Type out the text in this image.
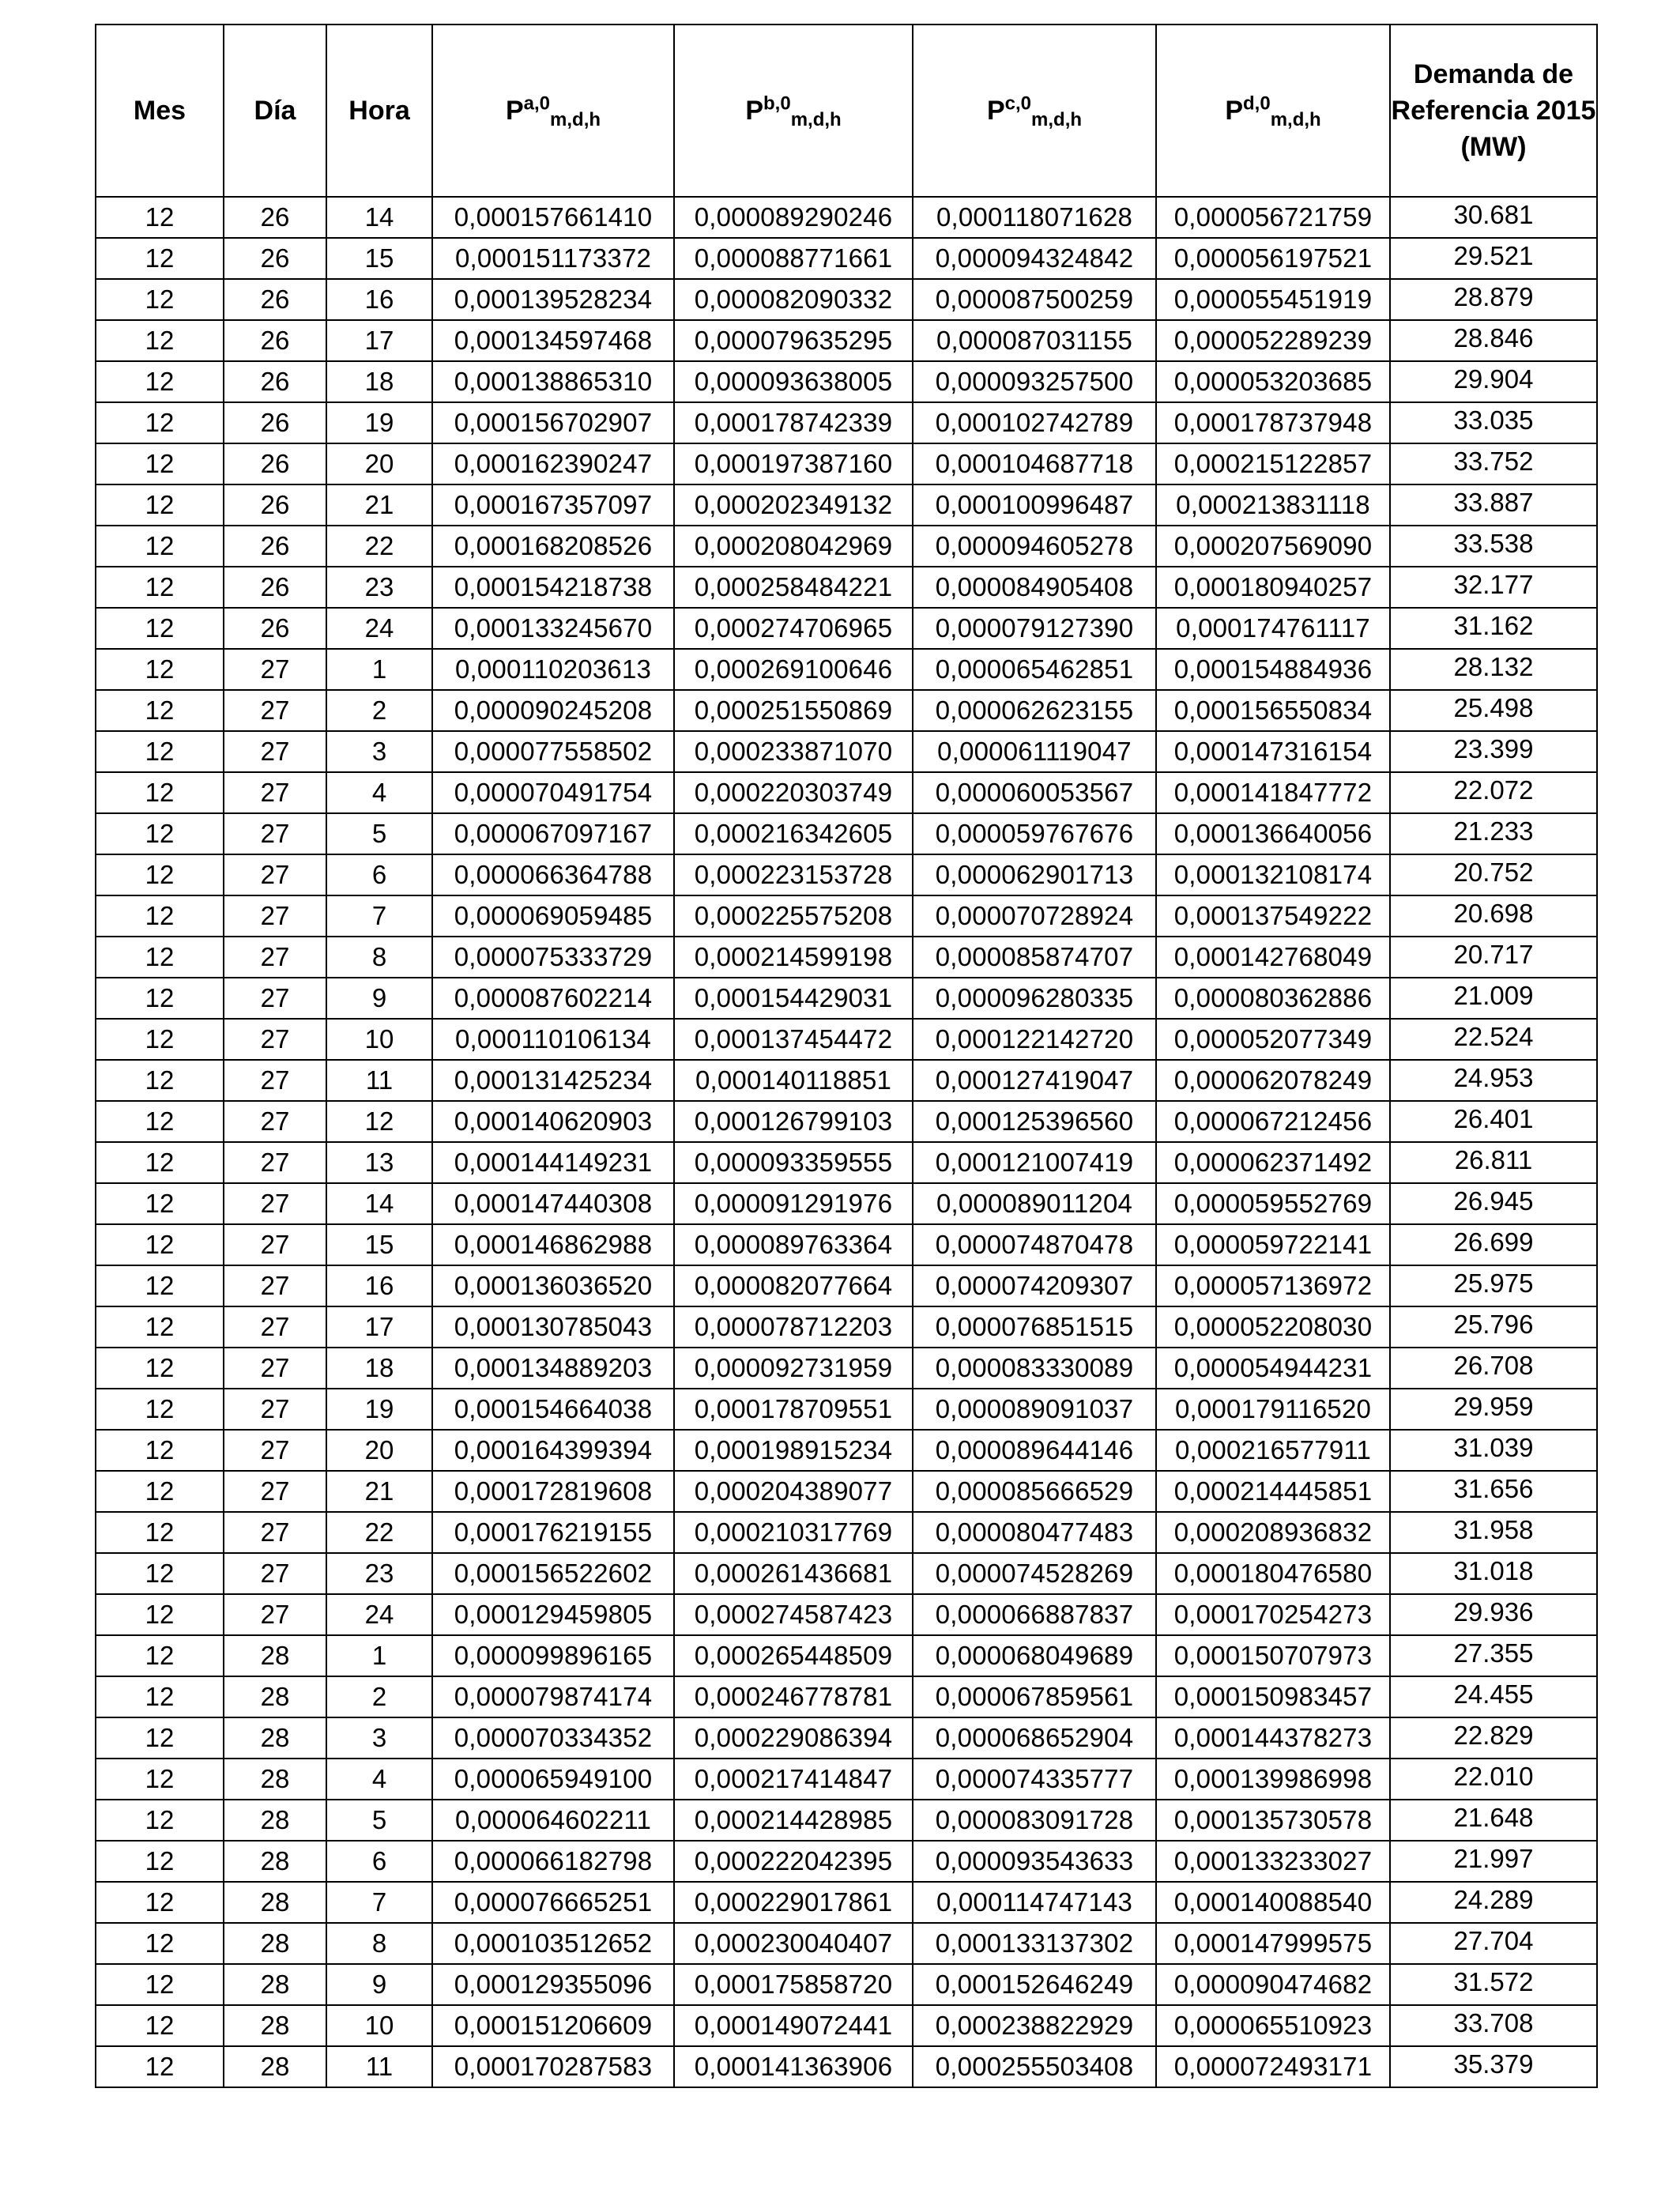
Mes	Día	Hora	P$^{a,0}_{m,d,h}$	P$^{b,0}_{m,d,h}$	P$^{c,0}_{m,d,h}$	P$^{d,0}_{m,d,h}$	Demanda de Referencia 2015 (MW)
12	26	14	0,000157661410	0,000089290246	0,000118071628	0,000056721759	30.681
12	26	15	0,000151173372	0,000088771661	0,000094324842	0,000056197521	29.521
12	26	16	0,000139528234	0,000082090332	0,000087500259	0,000055451919	28.879
12	26	17	0,000134597468	0,000079635295	0,000087031155	0,000052289239	28.846
12	26	18	0,000138865310	0,000093638005	0,000093257500	0,000053203685	29.904
12	26	19	0,000156702907	0,000178742339	0,000102742789	0,000178737948	33.035
12	26	20	0,000162390247	0,000197387160	0,000104687718	0,000215122857	33.752
12	26	21	0,000167357097	0,000202349132	0,000100996487	0,000213831118	33.887
12	26	22	0,000168208526	0,000208042969	0,000094605278	0,000207569090	33.538
12	26	23	0,000154218738	0,000258484221	0,000084905408	0,000180940257	32.177
12	26	24	0,000133245670	0,000274706965	0,000079127390	0,000174761117	31.162
12	27	1	0,000110203613	0,000269100646	0,000065462851	0,000154884936	28.132
12	27	2	0,000090245208	0,000251550869	0,000062623155	0,000156550834	25.498
12	27	3	0,000077558502	0,000233871070	0,000061119047	0,000147316154	23.399
12	27	4	0,000070491754	0,000220303749	0,000060053567	0,000141847772	22.072
12	27	5	0,000067097167	0,000216342605	0,000059767676	0,000136640056	21.233
12	27	6	0,000066364788	0,000223153728	0,000062901713	0,000132108174	20.752
12	27	7	0,000069059485	0,000225575208	0,000070728924	0,000137549222	20.698
12	27	8	0,000075333729	0,000214599198	0,000085874707	0,000142768049	20.717
12	27	9	0,000087602214	0,000154429031	0,000096280335	0,000080362886	21.009
12	27	10	0,000110106134	0,000137454472	0,000122142720	0,000052077349	22.524
12	27	11	0,000131425234	0,000140118851	0,000127419047	0,000062078249	24.953
12	27	12	0,000140620903	0,000126799103	0,000125396560	0,000067212456	26.401
12	27	13	0,000144149231	0,000093359555	0,000121007419	0,000062371492	26.811
12	27	14	0,000147440308	0,000091291976	0,000089011204	0,000059552769	26.945
12	27	15	0,000146862988	0,000089763364	0,000074870478	0,000059722141	26.699
12	27	16	0,000136036520	0,000082077664	0,000074209307	0,000057136972	25.975
12	27	17	0,000130785043	0,000078712203	0,000076851515	0,000052208030	25.796
12	27	18	0,000134889203	0,000092731959	0,000083330089	0,000054944231	26.708
12	27	19	0,000154664038	0,000178709551	0,000089091037	0,000179116520	29.959
12	27	20	0,000164399394	0,000198915234	0,000089644146	0,000216577911	31.039
12	27	21	0,000172819608	0,000204389077	0,000085666529	0,000214445851	31.656
12	27	22	0,000176219155	0,000210317769	0,000080477483	0,000208936832	31.958
12	27	23	0,000156522602	0,000261436681	0,000074528269	0,000180476580	31.018
12	27	24	0,000129459805	0,000274587423	0,000066887837	0,000170254273	29.936
12	28	1	0,000099896165	0,000265448509	0,000068049689	0,000150707973	27.355
12	28	2	0,000079874174	0,000246778781	0,000067859561	0,000150983457	24.455
12	28	3	0,000070334352	0,000229086394	0,000068652904	0,000144378273	22.829
12	28	4	0,000065949100	0,000217414847	0,000074335777	0,000139986998	22.010
12	28	5	0,000064602211	0,000214428985	0,000083091728	0,000135730578	21.648
12	28	6	0,000066182798	0,000222042395	0,000093543633	0,000133233027	21.997
12	28	7	0,000076665251	0,000229017861	0,000114747143	0,000140088540	24.289
12	28	8	0,000103512652	0,000230040407	0,000133137302	0,000147999575	27.704
12	28	9	0,000129355096	0,000175858720	0,000152646249	0,000090474682	31.572
12	28	10	0,000151206609	0,000149072441	0,000238822929	0,000065510923	33.708
12	28	11	0,000170287583	0,000141363906	0,000255503408	0,000072493171	35.379
